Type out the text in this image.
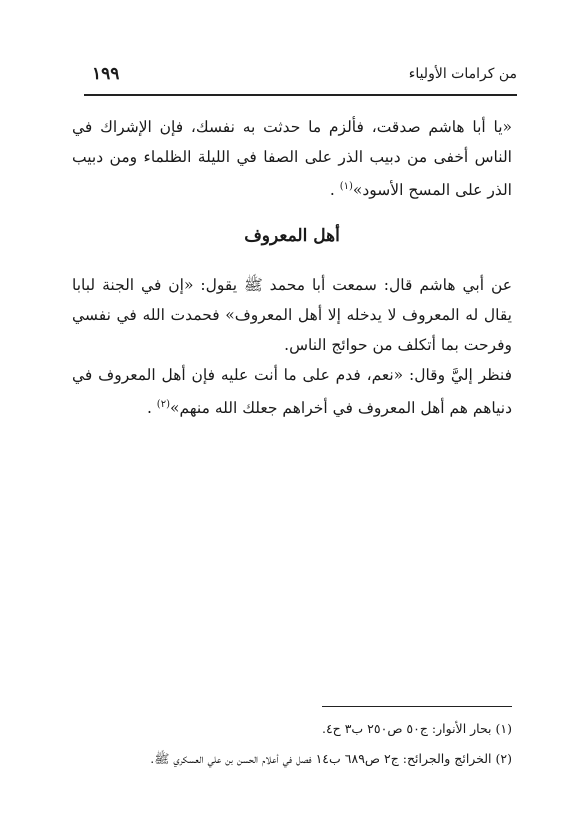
من كرامات الأولياء
١٩٩

«يا أبا هاشم صدقت، فألزم ما حدثت به نفسك، فإن الإشراك في الناس أخفى من دبيب الذر على الصفا في الليلة الظلماء ومن دبيب الذر على المسح الأسود»$^{(١)}$ .

أهل المعروف

عن أبي هاشم قال: سمعت أبا محمد ﷺ يقول: «إن في الجنة لبابا يقال له المعروف لا يدخله إلا أهل المعروف» فحمدت الله في نفسي وفرحت بما أتكلف من حوائج الناس.

فنظر إليَّ وقال: «نعم، فدم على ما أنت عليه فإن أهل المعروف في دنياهم هم أهل المعروف في أخراهم جعلك الله منهم»$^{(٢)}$ .

(١) بحار الأنوار: ج٥٠ ص٢٥٠ ب٣ ح٤.

(٢) الخرائج والجرائح: ج٢ ص٦٨٩ ب١٤ فصل في أعلام الحسن بن علي العسكري ﷺ.
